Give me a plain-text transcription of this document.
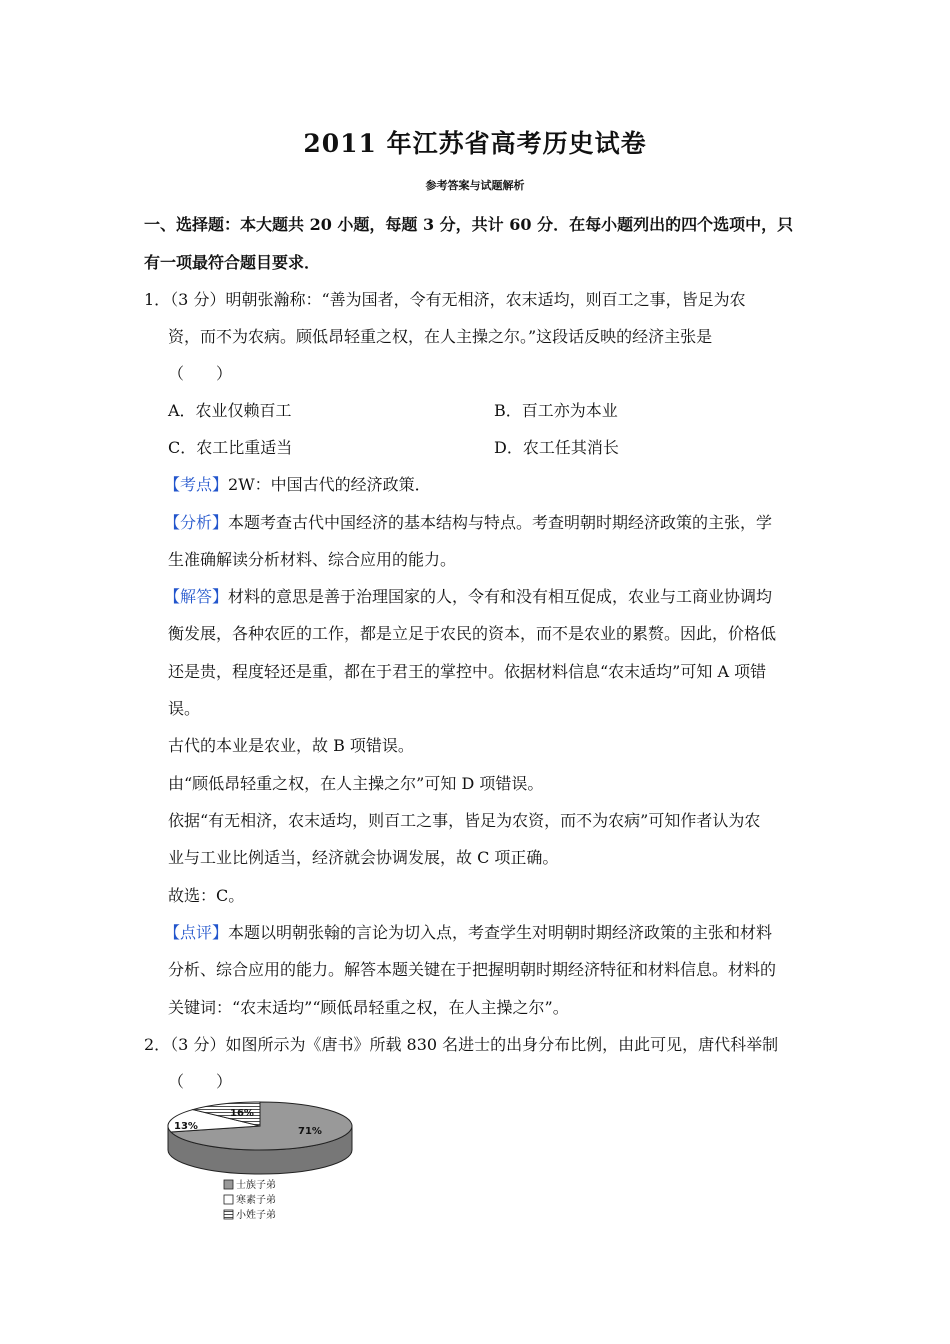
2011 年江苏省高考历史试卷
参考答案与试题解析
一、选择题：本大题共 20 小题，每题 3 分，共计 60 分．在每小题列出的四个选项中，只
有一项最符合题目要求．
1．（3 分）明朝张瀚称：“善为国者，令有无相济，农末适均，则百工之事，皆足为农
资，而不为农病。顾低昂轻重之权，在人主操之尔。”这段话反映的经济主张是
（　　）
A．农业仅赖百工	B．百工亦为本业
C．农工比重适当	D．农工任其消长
【考点】2W：中国古代的经济政策．
【分析】本题考查古代中国经济的基本结构与特点。考查明朝时期经济政策的主张，学
生准确解读分析材料、综合应用的能力。
【解答】材料的意思是善于治理国家的人，令有和没有相互促成，农业与工商业协调均
衡发展，各种农匠的工作，都是立足于农民的资本，而不是农业的累赘。因此，价格低
还是贵，程度轻还是重，都在于君王的掌控中。依据材料信息“农末适均”可知 A 项错
误。
古代的本业是农业，故 B 项错误。
由“顾低昂轻重之权，在人主操之尔”可知 D 项错误。
依据“有无相济，农末适均，则百工之事，皆足为农资，而不为农病”可知作者认为农
业与工业比例适当，经济就会协调发展，故 C 项正确。
故选：C。
【点评】本题以明朝张翰的言论为切入点，考查学生对明朝时期经济政策的主张和材料
分析、综合应用的能力。解答本题关键在于把握明朝时期经济特征和材料信息。材料的
关键词：“农末适均”“顾低昂轻重之权，在人主操之尔”。
2．（3 分）如图所示为《唐书》所载 830 名进士的出身分布比例，由此可见，唐代科举制
（　　）
71%
16%
13%
士族子弟
寒素子弟
小姓子弟
